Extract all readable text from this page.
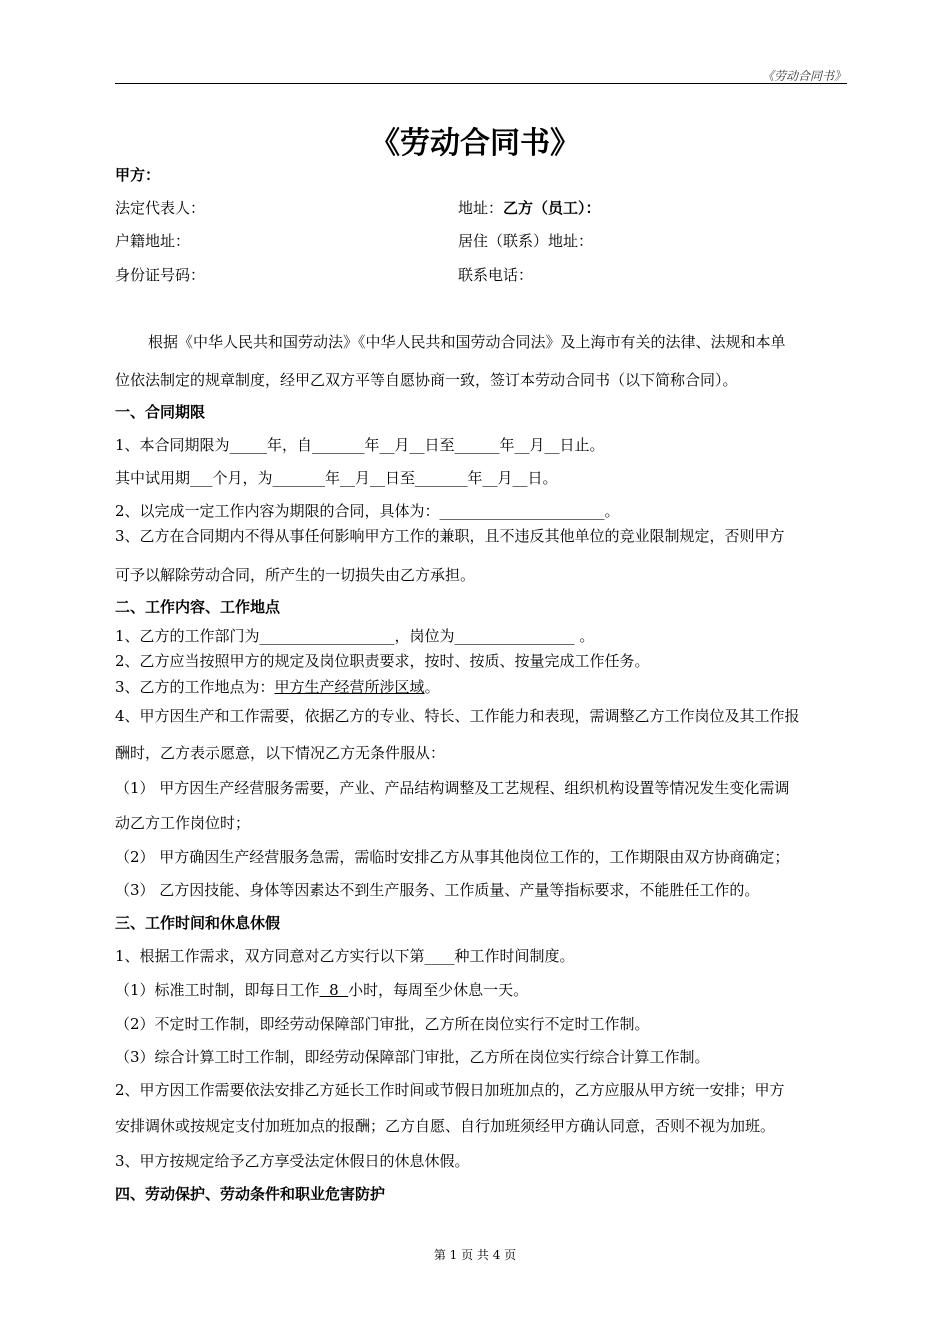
《劳动合同书》
《劳动合同书》
甲方：
法定代表人：	地址：乙方（员工）：
户籍地址：	居住（联系）地址：
身份证号码：	联系电话：
根据《中华人民共和国劳动法》《中华人民共和国劳动合同法》及上海市有关的法律、法规和本单
位依法制定的规章制度，经甲乙双方平等自愿协商一致，签订本劳动合同书（以下简称合同）。
一、合同期限
1、本合同期限为_____年，自_______年__月__日至______年__月__日止。
其中试用期___个月，为_______年__月__日至_______年__月__日。
2、以完成一定工作内容为期限的合同，具体为：______________________。
3、乙方在合同期内不得从事任何影响甲方工作的兼职，且不违反其他单位的竞业限制规定，否则甲方
可予以解除劳动合同，所产生的一切损失由乙方承担。
二、工作内容、工作地点
1、乙方的工作部门为__________________，岗位为________________ 。
2、乙方应当按照甲方的规定及岗位职责要求，按时、按质、按量完成工作任务。
3、乙方的工作地点为：甲方生产经营所涉区域。
4、甲方因生产和工作需要，依据乙方的专业、特长、工作能力和表现，需调整乙方工作岗位及其工作报
酬时，乙方表示愿意，以下情况乙方无条件服从：
（1） 甲方因生产经营服务需要，产业、产品结构调整及工艺规程、组织机构设置等情况发生变化需调
动乙方工作岗位时；
（2） 甲方确因生产经营服务急需，需临时安排乙方从事其他岗位工作的，工作期限由双方协商确定；
（3） 乙方因技能、身体等因素达不到生产服务、工作质量、产量等指标要求，不能胜任工作的。
三、工作时间和休息休假
1、根据工作需求，双方同意对乙方实行以下第____种工作时间制度。
（1）标准工时制，即每日工作  8  小时，每周至少休息一天。
（2）不定时工作制，即经劳动保障部门审批，乙方所在岗位实行不定时工作制。
（3）综合计算工时工作制，即经劳动保障部门审批，乙方所在岗位实行综合计算工作制。
2、甲方因工作需要依法安排乙方延长工作时间或节假日加班加点的，乙方应服从甲方统一安排；甲方
安排调休或按规定支付加班加点的报酬；乙方自愿、自行加班须经甲方确认同意，否则不视为加班。
3、甲方按规定给予乙方享受法定休假日的休息休假。
四、劳动保护、劳动条件和职业危害防护
第 1 页 共 4 页
